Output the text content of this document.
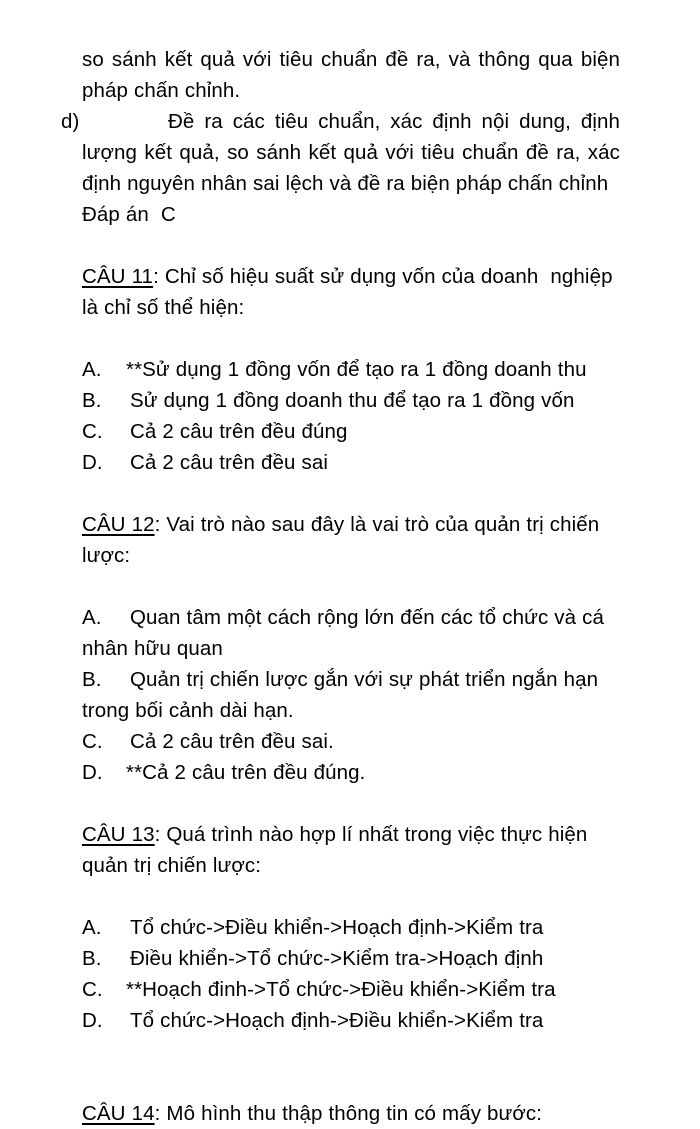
so sánh kết quả với tiêu chuẩn đề ra, và thông qua biện pháp chấn chỉnh.

d)	Đề ra các tiêu chuẩn, xác định nội dung, định lượng kết quả, so sánh kết quả với tiêu chuẩn đề ra, xác định nguyên nhân sai lệch và đề ra biện pháp chấn chỉnh

Đáp án  C

CÂU 11: Chỉ số hiệu suất sử dụng vốn của doanh  nghiệp là chỉ số thể hiện:

A.	**Sử dụng 1 đồng vốn để tạo ra 1 đồng doanh thu
B.	Sử dụng 1 đồng doanh thu để tạo ra 1 đồng vốn
C.	Cả 2 câu trên đều đúng
D.	Cả 2 câu trên đều sai

CÂU 12: Vai trò nào sau đây là vai trò của quản trị chiến lược:

A.	Quan tâm một cách rộng lớn đến các tổ chức và cá nhân hữu quan
B.	Quản trị chiến lược gắn với sự phát triển ngắn hạn trong bối cảnh dài hạn.
C.	Cả 2 câu trên đều sai.
D.	**Cả 2 câu trên đều đúng.

CÂU 13: Quá trình nào hợp lí nhất trong việc thực hiện quản trị chiến lược:

A.	Tổ chức->Điều khiển->Hoạch định->Kiểm tra
B.	Điều khiển->Tổ chức->Kiểm tra->Hoạch định
C.	**Hoạch đinh->Tổ chức->Điều khiển->Kiểm tra
D.	Tổ chức->Hoạch định->Điều khiển->Kiểm tra

CÂU 14: Mô hình thu thập thông tin có mấy bước:
